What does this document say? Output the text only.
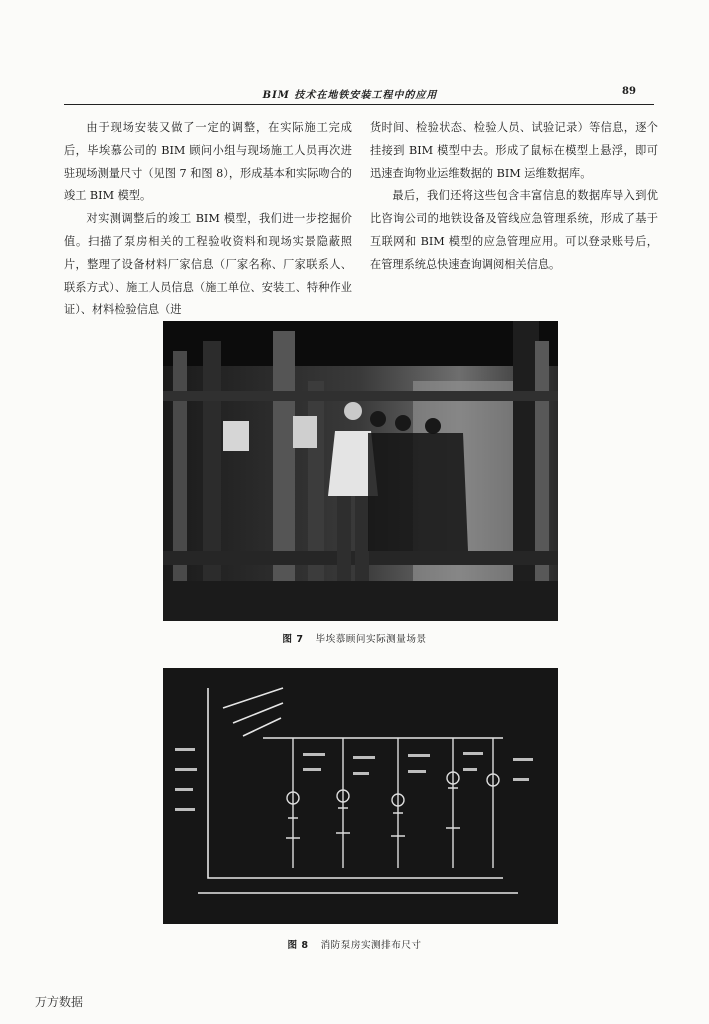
BIM 技术在地铁安装工程中的应用	89

由于现场安装又做了一定的调整，在实际施工完成后，毕埃慕公司的 BIM 顾问小组与现场施工人员再次进驻现场测量尺寸（见图 7 和图 8），形成基本和实际吻合的竣工 BIM 模型。

对实测调整后的竣工 BIM 模型，我们进一步挖掘价值。扫描了泵房相关的工程验收资料和现场实景隐蔽照片，整理了设备材料厂家信息（厂家名称、厂家联系人、联系方式）、施工人员信息（施工单位、安装工、特种作业证）、材料检验信息（进

货时间、检验状态、检验人员、试验记录）等信息，逐个挂接到 BIM 模型中去。形成了鼠标在模型上悬浮，即可迅速查询物业运维数据的 BIM 运维数据库。

最后，我们还将这些包含丰富信息的数据库导入到优比咨询公司的地铁设备及管线应急管理系统，形成了基于互联网和 BIM 模型的应急管理应用。可以登录账号后，在管理系统总快速查询调阅相关信息。

图 7 毕埃慕顾问实际测量场景
图 8 消防泵房实测排布尺寸
万方数据
